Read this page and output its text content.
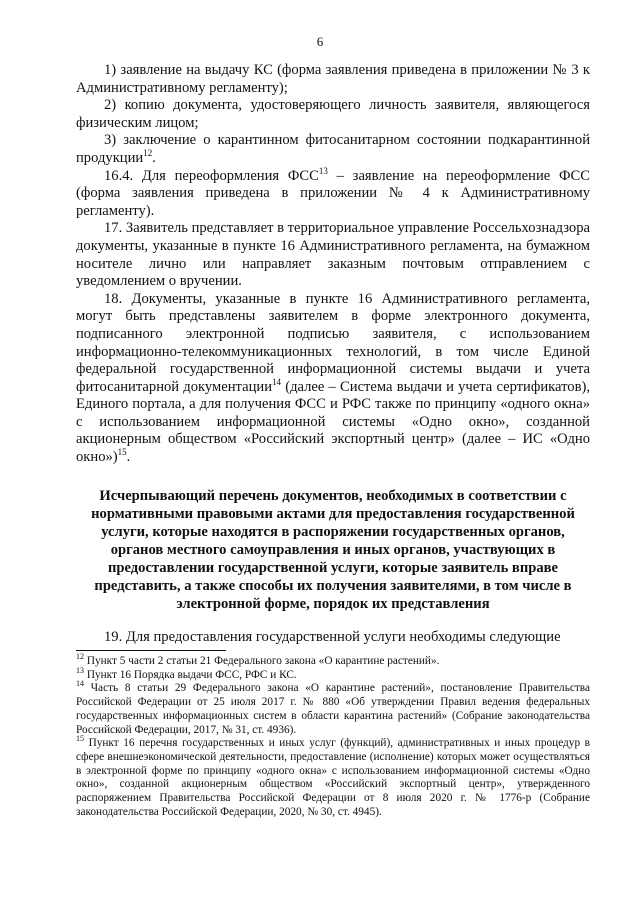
6

1) заявление на выдачу КС (форма заявления приведена в приложении № 3 к Административному регламенту);

2) копию документа, удостоверяющего личность заявителя, являющегося физическим лицом;

3) заключение о карантинном фитосанитарном состоянии подкарантинной продукции$^{12}$.

16.4. Для переоформления ФСС$^{13}$ – заявление на переоформление ФСС (форма заявления приведена в приложении № 4 к Административному регламенту).

17. Заявитель представляет в территориальное управление Россельхознадзора документы, указанные в пункте 16 Административного регламента, на бумажном носителе лично или направляет заказным почтовым отправлением с уведомлением о вручении.

18. Документы, указанные в пункте 16 Административного регламента, могут быть представлены заявителем в форме электронного документа, подписанного электронной подписью заявителя, с использованием информационно-телекоммуникационных технологий, в том числе Единой федеральной государственной информационной системы выдачи и учета фитосанитарной документации$^{14}$ (далее – Система выдачи и учета сертификатов), Единого портала, а для получения ФСС и РФС также по принципу «одного окна» с использованием информационной системы «Одно окно», созданной акционерным обществом «Российский экспортный центр» (далее – ИС «Одно окно»)$^{15}$.

Исчерпывающий перечень документов, необходимых в соответствии с нормативными правовыми актами для предоставления государственной услуги, которые находятся в распоряжении государственных органов, органов местного самоуправления и иных органов, участвующих в предоставлении государственной услуги, которые заявитель вправе представить, а также способы их получения заявителями, в том числе в электронной форме, порядок их представления

19. Для предоставления государственной услуги необходимы следующие

$^{12}$ Пункт 5 части 2 статьи 21 Федерального закона «О карантине растений».

$^{13}$ Пункт 16 Порядка выдачи ФСС, РФС и КС.

$^{14}$ Часть 8 статьи 29 Федерального закона «О карантине растений», постановление Правительства Российской Федерации от 25 июля 2017 г. № 880 «Об утверждении Правил ведения федеральных государственных информационных систем в области карантина растений» (Собрание законодательства Российской Федерации, 2017, № 31, ст. 4936).

$^{15}$ Пункт 16 перечня государственных и иных услуг (функций), административных и иных процедур в сфере внешнеэкономической деятельности, предоставление (исполнение) которых может осуществляться в электронной форме по принципу «одного окна» с использованием информационной системы «Одно окно», созданной акционерным обществом «Российский экспортный центр», утвержденного распоряжением Правительства Российской Федерации от 8 июля 2020 г. № 1776-р (Собрание законодательства Российской Федерации, 2020, № 30, ст. 4945).
